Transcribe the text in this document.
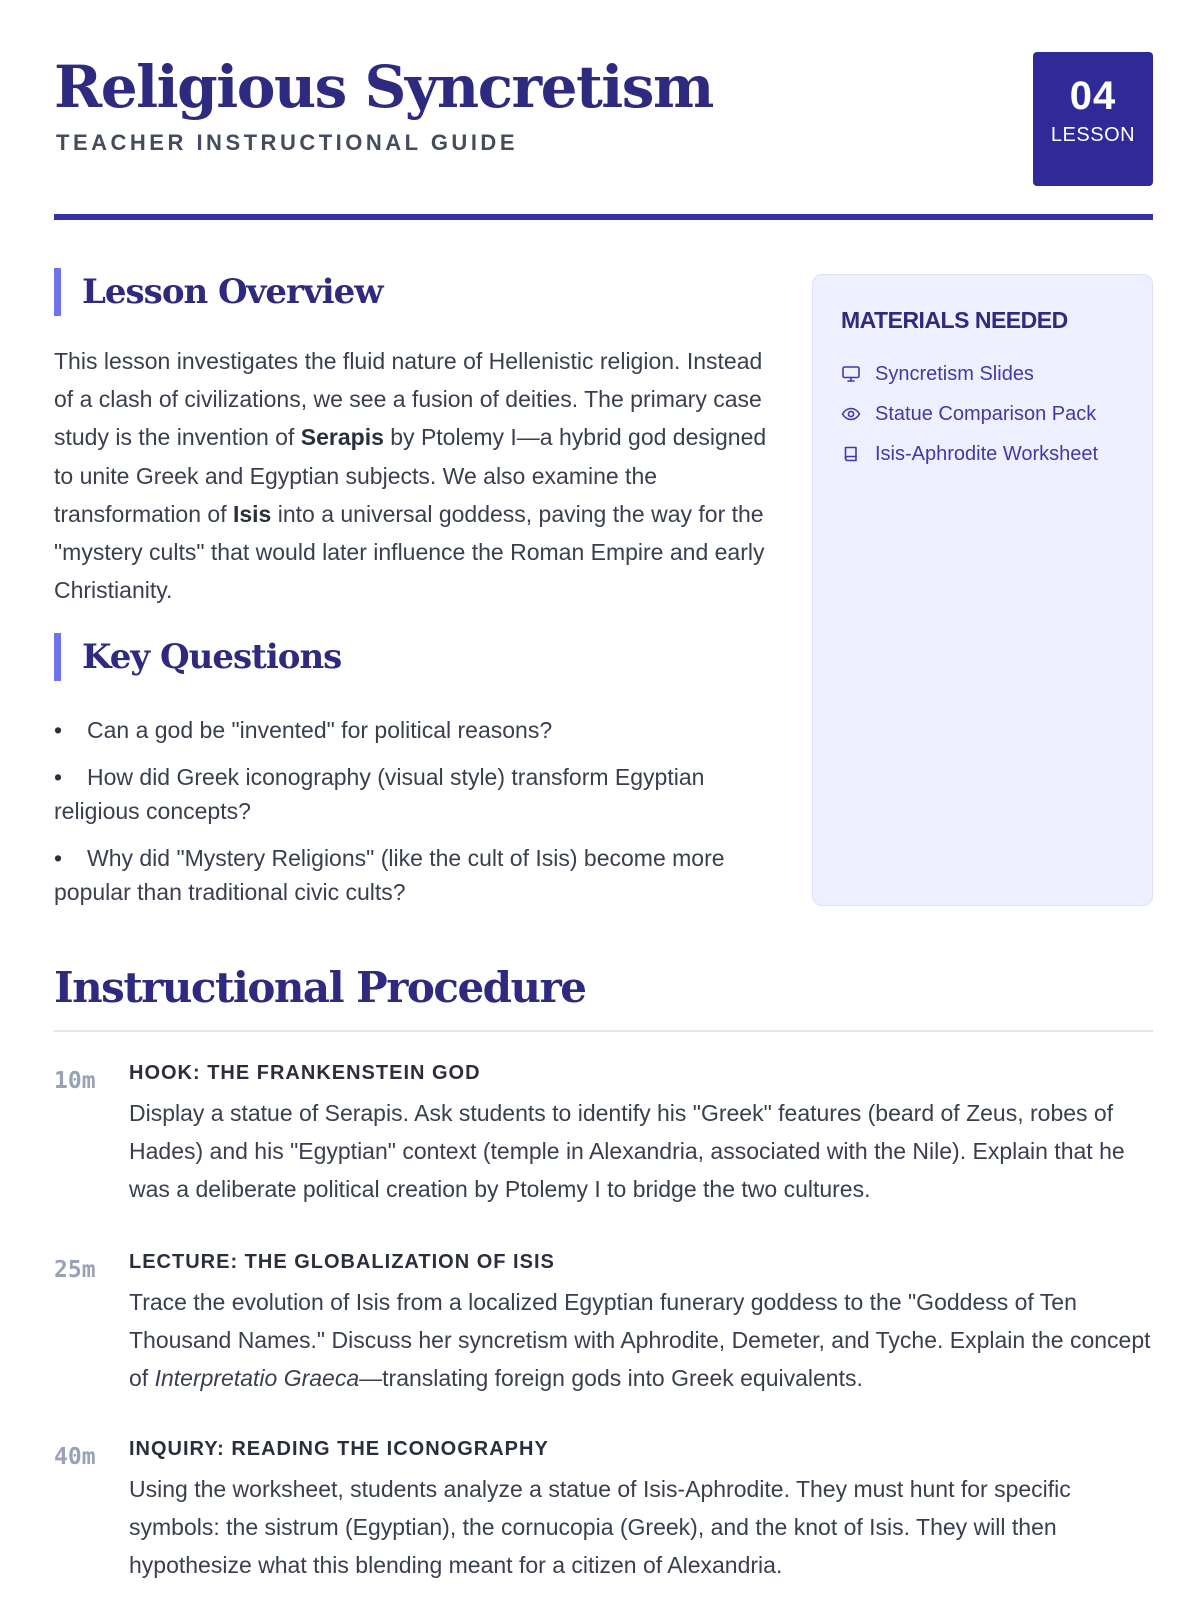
Religious Syncretism
TEACHER INSTRUCTIONAL GUIDE
04
LESSON
Lesson Overview

This lesson investigates the fluid nature of Hellenistic religion. Instead of a clash of civilizations, we see a fusion of deities. The primary case study is the invention of Serapis by Ptolemy I—a hybrid god designed to unite Greek and Egyptian subjects. We also examine the transformation of Isis into a universal goddess, paving the way for the "mystery cults" that would later influence the Roman Empire and early Christianity.

Key Questions
• Can a god be "invented" for political reasons?
• How did Greek iconography (visual style) transform Egyptian religious concepts?
• Why did "Mystery Religions" (like the cult of Isis) become more popular than traditional civic cults?
MATERIALS NEEDED
Syncretism Slides
Statue Comparison Pack
Isis-Aphrodite Worksheet
Instructional Procedure
10m HOOK: THE FRANKENSTEIN GOD

Display a statue of Serapis. Ask students to identify his "Greek" features (beard of Zeus, robes of Hades) and his "Egyptian" context (temple in Alexandria, associated with the Nile). Explain that he was a deliberate political creation by Ptolemy I to bridge the two cultures.

25m LECTURE: THE GLOBALIZATION OF ISIS

Trace the evolution of Isis from a localized Egyptian funerary goddess to the "Goddess of Ten Thousand Names." Discuss her syncretism with Aphrodite, Demeter, and Tyche. Explain the concept of Interpretatio Graeca—translating foreign gods into Greek equivalents.

40m INQUIRY: READING THE ICONOGRAPHY

Using the worksheet, students analyze a statue of Isis-Aphrodite. They must hunt for specific symbols: the sistrum (Egyptian), the cornucopia (Greek), and the knot of Isis. They will then hypothesize what this blending meant for a citizen of Alexandria.
